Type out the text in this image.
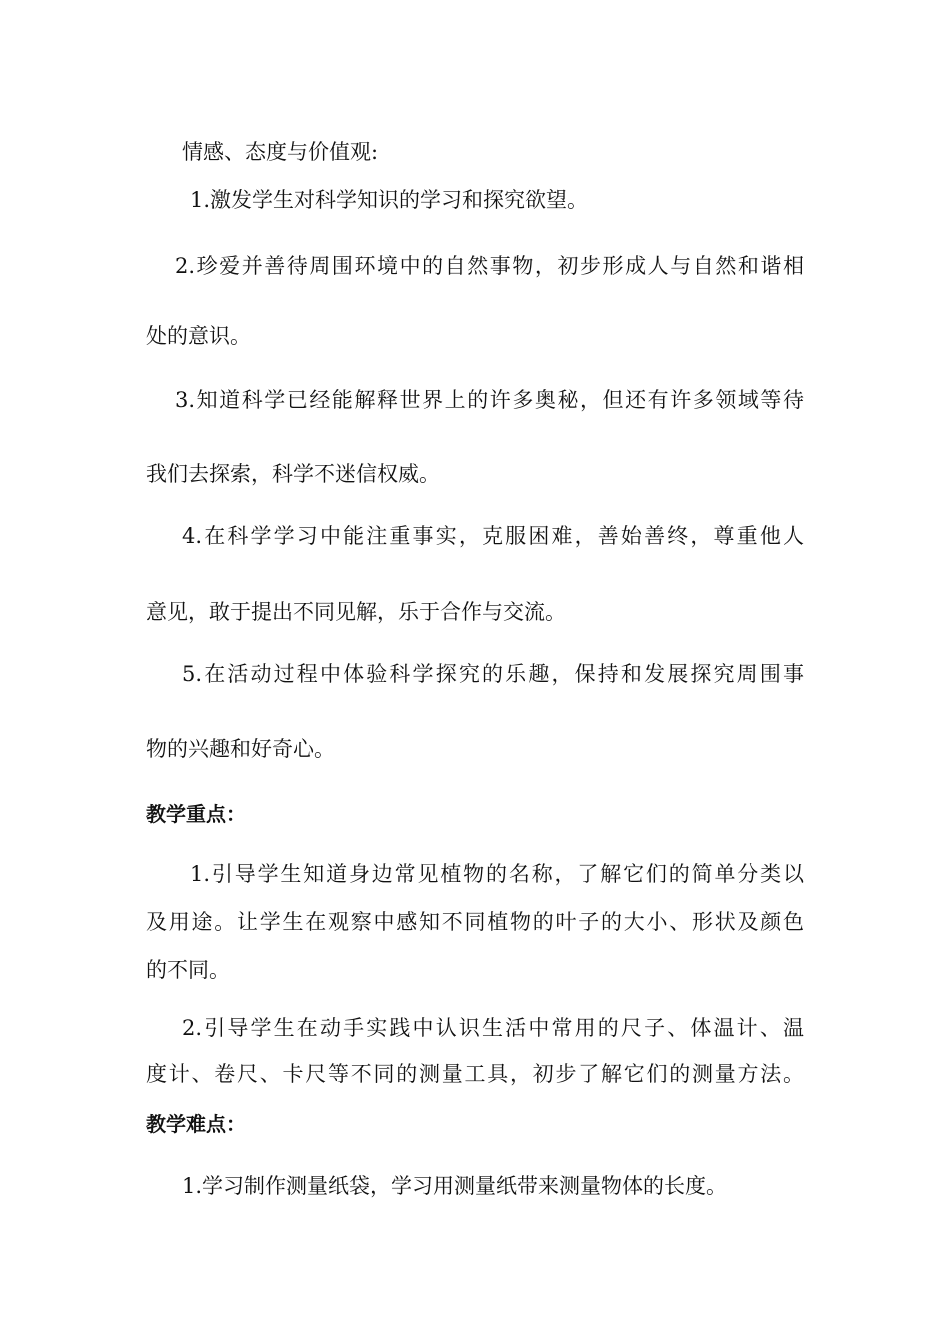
情感、态度与价值观:
1.激发学生对科学知识的学习和探究欲望。
2.珍爱并善待周围环境中的自然事物，初步形成人与自然和谐相
处的意识。
3.知道科学已经能解释世界上的许多奥秘，但还有许多领域等待
我们去探索，科学不迷信权威。
4.在科学学习中能注重事实，克服困难，善始善终，尊重他人
意见，敢于提出不同见解，乐于合作与交流。
5.在活动过程中体验科学探究的乐趣，保持和发展探究周围事
物的兴趣和好奇心。
教学重点：
1.引导学生知道身边常见植物的名称，了解它们的简单分类以
及用途。让学生在观察中感知不同植物的叶子的大小、形状及颜色
的不同。
2.引导学生在动手实践中认识生活中常用的尺子、体温计、温
度计、卷尺、卡尺等不同的测量工具，初步了解它们的测量方法。
教学难点：
1.学习制作测量纸袋，学习用测量纸带来测量物体的长度。
